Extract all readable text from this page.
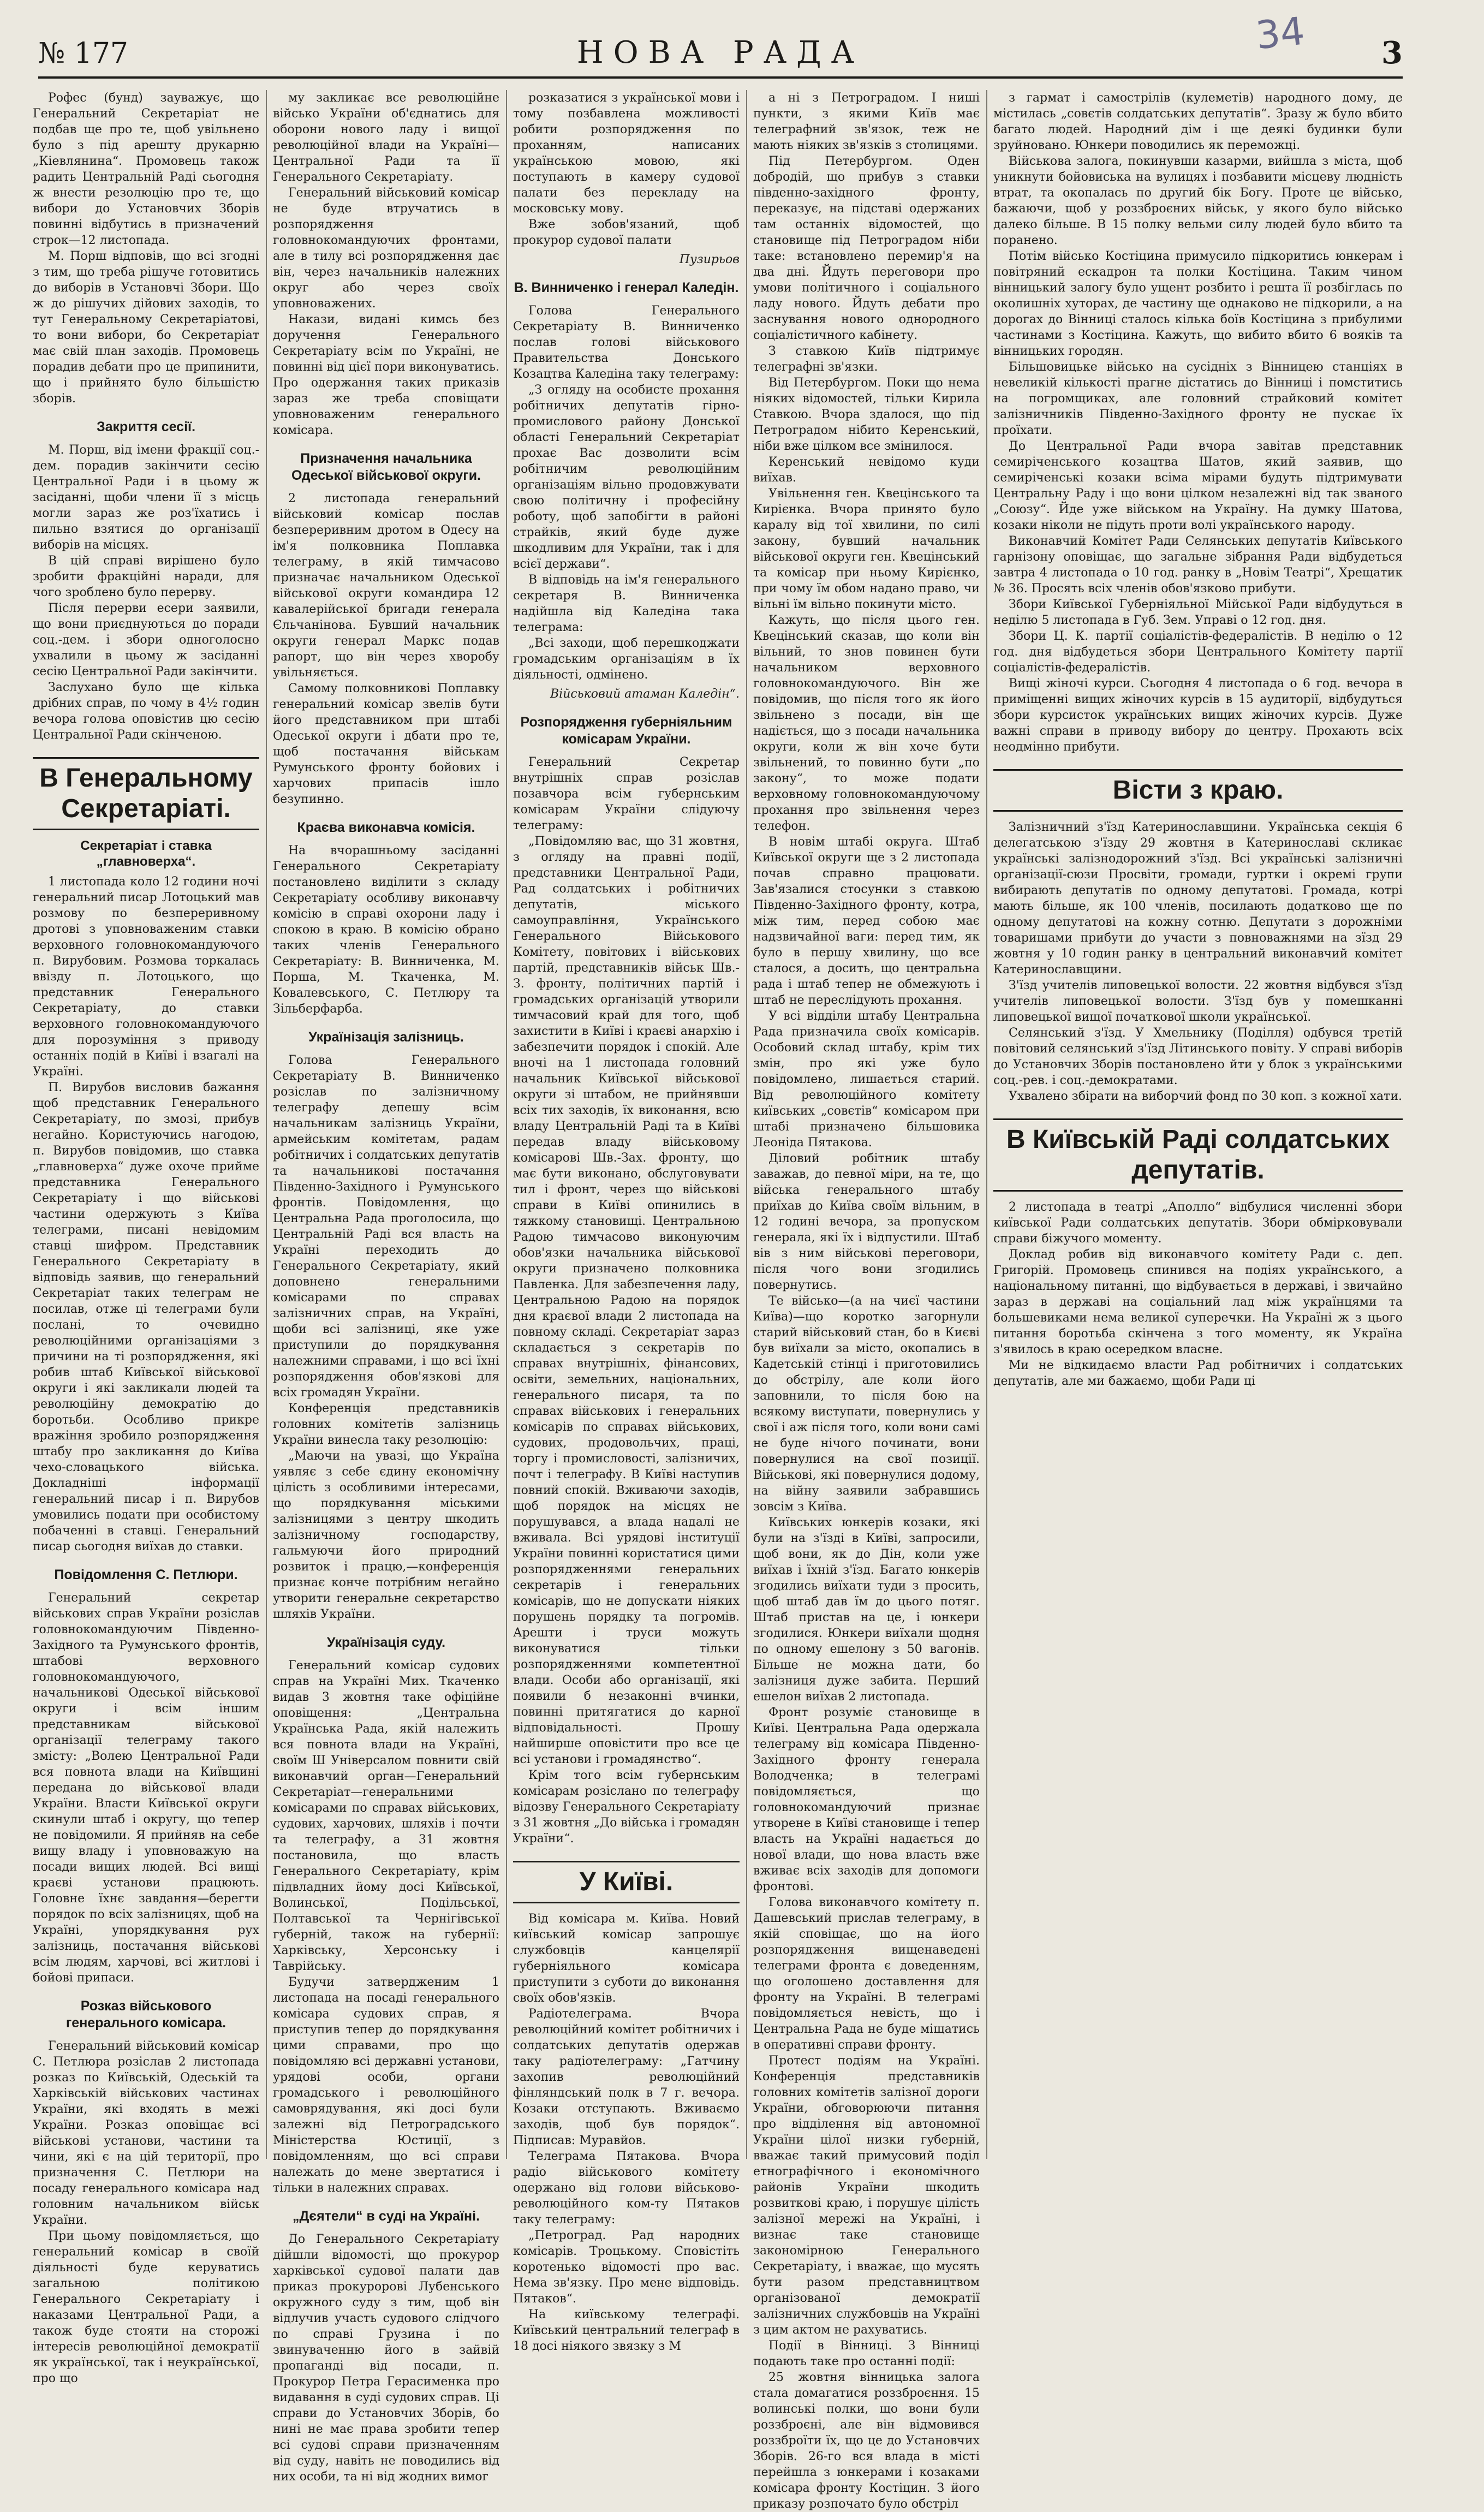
№ 177	НОВА РАДА	3
34

Рофес (бунд) зауважує, що Генеральний Секретаріат не подбав ще про те, щоб увільнено було з під арешту друкарню „Кіевлянина“. Промовець також радить Центральній Раді сьогодня ж внести резолюцію про те, що вибори до Установчих Зборів повинні відбутись в призначений строк—12 листопада.

М. Порш відповів, що всі згодні з тим, що треба рішуче готовитись до виборів в Установчі Збори. Що ж до рішучих дійових заходів, то тут Генеральному Секретаріатові, то вони вибори, бо Секретаріат має свій план заходів. Промовець порадив дебати про це припинити, що і прийнято було більшістю зборів.

Закриття сесії.

М. Порш, від імени фракції соц.-дем. порадив закінчити сесію Центральної Ради і в цьому ж засіданні, щоби члени її з місць могли зараз же роз'їхатись і пильно взятися до організації виборів на місцях.

В цій справі вирішено було зробити фракційні наради, для чого зроблено було перерву.

Після перерви есери заявили, що вони приєднуються до поради соц.-дем. і збори одноголосно ухвалили в цьому ж засіданні сесію Центральної Ради закінчити.

Заслухано було ще кілька дрібних справ, по чому в 4½ годин вечора голова оповістив цю сесію Центральної Ради скінченою.

В Генеральному Секретаріаті.
Секретаріат і ставка „главноверха“.

1 листопада коло 12 години ночі генеральний писар Лотоцький мав розмову по безпереривному дротові з уповноваженим ставки верховного головнокомандуючого п. Вирубовим. Розмова торкалась ввізду п. Лотоцького, що представник Генерального Секретаріату, до ставки верховного головнокомандуючого для порозуміння з приводу останніх подій в Київі і взагалі на Україні.

П. Вирубов висловив бажання щоб представник Генерального Секретаріату, по змозі, прибув негайно. Користуючись нагодою, п. Вирубов повідомив, що ставка „главноверха“ дуже охоче прийме представника Генерального Секретаріату і що військові частини одержують з Київа телеграми, писані невідомим ставці шифром. Представник Генерального Секретаріату в відповідь заявив, що генеральний Секретаріат таких телеграм не посилав, отже ці телеграми були послані, то очевидно революційними організаціями з причини на ті розпорядження, які робив штаб Київської військової округи і які закликали людей та революційну демократію до боротьби. Особливо прикре вражіння зробило розпорядження штабу про закликання до Київа чехо-словацького війська. Докладніші інформації генеральний писар і п. Вирубов умовились подати при особистому побаченні в ставці. Генеральний писар сьогодня виїхав до ставки.

Повідомлення С. Петлюри.

Генеральний секретар військових справ України розіслав головнокомандуючим Південно-Західного та Румунського фронтів, штабові верховного головнокомандуючого, начальникові Одеської військової округи і всім іншим представникам військової організації телеграму такого змісту: „Волею Центральної Ради вся повнота влади на Київщині передана до військової влади України. Власти Київської округи скинули штаб і округу, що тепер не повідомили. Я прийняв на себе вищу владу і уповноважую на посади вищих людей. Всі вищі краєві установи працюють. Головне їхнє завдання—берегти порядок по всіх залізницях, щоб на Україні, упорядкування рух залізниць, постачання військові всім людям, харчові, всі житлові і бойові припаси.

Розказ військового генерального комісара.

Генеральний військовий комісар С. Петлюра розіслав 2 листопада розказ по Київській, Одеській та Харківській військових частинах України, які входять в межі України. Розказ оповіщає всі військові установи, частини та чини, які є на цій території, про призначення С. Петлюри на посаду генерального комісара над головним начальником військ України.

При цьому повідомляється, що генеральний комісар в своїй діяльності буде керуватись загальною політикою Генерального Секретаріату і наказами Центральної Ради, а також буде стояти на сторожі інтересів революційної демократії як української, так і неукраїнської, про що

му закликає все революційне військо України об'єднатись для оборони нового ладу і вищої революційної влади на Україні—Центральної Ради та її Генерального Секретаріату.

Генеральний військовий комісар не буде втручатись в розпорядження головнокомандуючих фронтами, але в тилу всі розпорядження дає він, через начальників належних округ або через своїх уповноважених.

Накази, видані кимсь без доручення Генерального Секретаріату всім по Україні, не повинні від цієї пори виконуватись. Про одержання таких приказів зараз же треба сповіщати уповноваженим генерального комісара.

Призначення начальника Одеської військової округи.

2 листопада генеральний військовий комісар послав безпереривним дротом в Одесу на ім'я полковника Поплавка телеграму, в якій тимчасово призначає начальником Одеської військової округи командира 12 кавалерійської бригади генерала Єльчанінова. Бувший начальник округи генерал Маркс подав рапорт, що він через хворобу увільняється.

Самому полковникові Поплавку генеральний комісар звелів бути його представником при штабі Одеської округи і дбати про те, щоб постачання військам Румунського фронту бойових і харчових припасів ішло безупинно.

Краєва виконавча комісія.

На вчорашньому засіданні Генерального Секретаріату постановлено виділити з складу Секретаріату особливу виконавчу комісію в справі охорони ладу і спокою в краю. В комісію обрано таких членів Генерального Секретаріату: В. Винниченка, М. Порша, М. Ткаченка, М. Ковалевського, С. Петлюру та Зільберфарба.

Українізація залізниць.

Голова Генерального Секретаріату В. Винниченко розіслав по залізничному телеграфу депешу всім начальникам залізниць України, армейським комітетам, радам робітничих і солдатських депутатів та начальникові постачання Південно-Західного і Румунського фронтів. Повідомлення, що Центральна Рада проголосила, що Центральній Раді вся власть на Україні переходить до Генерального Секретаріату, який доповнено генеральними комісарами по справах залізничних справ, на Україні, щоби всі залізниці, яке уже приступили до порядкування належними справами, і що всі їхні розпорядження обов'язкові для всіх громадян України.

Конференція представників головних комітетів залізниць України винесла таку резолюцію:

„Маючи на увазі, що Україна уявляє з себе єдину економічну цілість з особливими інтересами, що порядкування міськими залізницями з центру шкодить залізничному господарству, гальмуючи його природний розвиток і працю,—конференція признає конче потрібним негайно утворити генеральне секретарство шляхів України.

Українізація суду.

Генеральний комісар судових справ на Україні Мих. Ткаченко видав 3 жовтня таке офіційне оповіщення: „Центральна Українська Рада, якій належить вся повнота влади на Україні, своїм Ш Універсалом повнити свій виконавчий орган—Генеральний Секретаріат—генеральними комісарами по справах військових, судових, харчових, шляхів і почти та телеграфу, а 31 жовтня постановила, що власть Генерального Секретаріату, крім підвладних йому досі Київської, Волинської, Подільської, Полтавської та Чернігівської губерній, також на губернії: Харківську, Херсонську і Таврійську.

Будучи затвердженим 1 листопада на посаді генерального комісара судових справ, я приступив тепер до порядкування цими справами, про що повідомляю всі державні установи, урядові особи, органи громадського і революційного самоврядування, які досі були залежні від Петроградського Міністерства Юстиції, з повідомленням, що всі справи належать до мене звертатися і тільки в належних справах.

„Дєятели“ в суді на Україні.

До Генерального Секретаріату дійшли відомості, що прокурор харківської судової палати дав приказ прокуророві Лубенського окружного суду з тим, щоб він відлучив участь судового слідчого по справі Грузина і по звинуваченню його в зайвій пропаганді від посади, п. Прокурор Петра Герасименка про видавання в суді судових справ. Ці справи до Установчих Зборів, бо нині не має права зробити тепер всі судові справи призначенням від суду, навіть не поводились від них особи, та ні від жодних вимог

розказатися з української мови і тому позбавлена можливості робити розпорядження по проханням, написаних українською мовою, які поступають в камеру судової палати без перекладу на московську мову.

Вже зобов'язаний, щоб прокурор судової палати

Пузирьов
В. Винниченко і генерал Каледін.

Голова Генерального Секретаріату В. Винниченко послав голові військового Правительства Донського Козацтва Каледіна таку телеграму:

„З огляду на особисте прохання робітничих депутатів гірно-промислового району Донської області Генеральний Секретаріат прохає Вас дозволити всім робітничим революційним організаціям вільно продовжувати свою політичну і професійну роботу, щоб запобігти в районі страйків, який буде дуже шкодливим для України, так і для всієї держави“.

В відповідь на ім'я генерального секретаря В. Винниченка надійшла від Каледіна така телеграма:

„Всі заходи, щоб перешкоджати громадським організаціям в їх діяльності, одмінено.

Військовий атаман Каледін“.
Розпорядження губерніяльним комісарам України.

Генеральний Секретар внутрішніх справ розіслав позавчора всім губернським комісарам України слідуючу телеграму:

„Повідомляю вас, що 31 жовтня, з огляду на правні події, представники Центральної Ради, Рад солдатських і робітничих депутатів, міського самоуправління, Українського Генерального Військового Комітету, повітових і військових партій, представників військ Шв.-З. фронту, політичних партій і громадських організацій утворили тимчасовий край для того, щоб захистити в Київі і краєві анархію і забезпечити порядок і спокій. Але вночі на 1 листопада головний начальник Київської військової округи зі штабом, не прийнявши всіх тих заходів, їх виконання, всю владу Центральній Раді та в Київі передав владу військовому комісарові Шв.-Зах. фронту, що має бути виконано, обслуговувати тил і фронт, через що військові справи в Київі опинились в тяжкому становищі. Центральною Радою тимчасово виконуючим обов'язки начальника військової округи призначено полковника Павленка. Для забезпечення ладу, Центральною Радою на порядок дня краєвої влади 2 листопада на повному складі. Секретаріат зараз складається з секретарів по справах внутрішніх, фінансових, освіти, земельних, національних, генерального писаря, та по справах військових і генеральних комісарів по справах військових, судових, продовольчих, праці, торгу і промисловості, залізничих, почт і телеграфу. В Київі наступив повний спокій. Вживаючи заходів, щоб порядок на місцях не порушувався, а влада надалі не вживала. Всі урядові інституції України повинні користатися цими розпорядженнями генеральних секретарів і генеральних комісарів, що не допускати ніяких порушень порядку та погромів. Арешти і труси можуть виконуватися тільки розпорядженнями компетентної влади. Особи або організації, які появили б незаконні вчинки, повинні притягатися до карної відповідальності. Прошу найширше оповістити про все це всі установи і громадянство“.

Крім того всім губернським комісарам розіслано по телеграфу відозву Генерального Секретаріату з 31 жовтня „До війська і громадян України“.

У Київі.

Від комісара м. Київа. Новий київський комісар запрошує службовців канцелярії губерніяльного комісара приступити з суботи до виконання своїх обов'язків.

Радіотелеграма. Вчора революційний комітет робітничих і солдатських депутатів одержав таку радіотелеграму: „Гатчину захопив революційний фінляндський полк в 7 г. вечора. Козаки отступають. Вживаємо заходів, щоб був порядок“. Підписав: Муравйов.

Телеграма Пятакова. Вчора радіо військового комітету одержано від голови військово-революційного ком-ту Пятаков таку телеграму:

„Петроград. Рад народних комісарів. Троцькому. Сповістіть коротенько відомості про вас. Нема зв'язку. Про мене відповідь. Пятаков“.

На київському телеграфі. Київський центральний телеграф в 18 досі ніякого звязку з М

а ні з Петроградом. І ниші пункти, з якими Київ має телеграфний зв'язок, теж не мають ніяких зв'язків з столицями.

Під Петербургом. Оден добродій, що прибув з ставки південно-західного фронту, переказує, на підставі одержаних там останніх відомостей, що становище під Петроградом ніби таке: встановлено перемир'я на два дні. Йдуть переговори про умови політичного і соціального ладу нового. Йдуть дебати про заснування нового однородного соціалістичного кабінету.

З ставкою Київ підтримує телеграфні зв'язки.

Від Петербургом. Поки що нема ніяких відомостей, тільки Кирила Ставкою. Вчора здалося, що під Петроградом нібито Керенський, ніби вже цілком все змінилося.

Керенський невідомо куди виїхав.

Увільнення ген. Квецінського та Кирієнка. Вчора принято було каралу від тої хвилини, по силі закону, бувший начальник військової округи ген. Квецінський та комісар при ньому Кирієнко, при чому їм обом надано право, чи вільні їм вільно покинути місто.

Кажуть, що після цього ген. Квецінський сказав, що коли він вільний, то знов повинен бути начальником верховного головнокомандуючого. Він же повідомив, що після того як його звільнено з посади, він ще надіється, що з посади начальника округи, коли ж він хоче бути звільнений, то повинно бути „по закону“, то може подати верховному головнокомандуючому прохання про звільнення через телефон.

В новім штабі округа. Штаб Київської округи ще з 2 листопада почав справно працювати. Зав'язалися стосунки з ставкою Південно-Західного фронту, котра, між тим, перед собою має надзвичайної ваги: перед тим, як було в першу хвилину, що все сталося, а досить, що центральна рада і штаб тепер не обмежують і штаб не переслідують прохання.

У всі відділи штабу Центральна Рада призначила своїх комісарів. Особовий склад штабу, крім тих змін, про які уже було повідомлено, лишається старий. Від революційного комітету київських „совєтів“ комісаром при штабі призначено більшовика Леоніда Пятакова.

Діловий робітник штабу заважав, до певної міри, на те, що війська генерального штабу приїхав до Київа своїм вільним, в 12 годині вечора, за пропуском генерала, які їх і відпустили. Штаб вів з ним військові переговори, після чого вони згодились повернутись.

Те військо—(а на чиєї частини Київа)—що коротко загорнули старий військовий стан, бо в Києві був виїхали за місто, окопались в Кадетській стінці і приготовились до обстрілу, але коли його заповнили, то після бою на всякому виступати, повернулись у свої і аж після того, коли вони самі не буде нічого починати, вони повернулися на свої позиції. Військові, які повернулися додому, на війну заявили забравшись зовсім з Київа.

Київських юнкерів козаки, які були на з'їзді в Київі, запросили, щоб вони, як до Дін, коли уже виїхав і їхній з'їзд. Багато юнкерів згодились виїхати туди з просить, щоб штаб дав їм до цього потяг. Штаб пристав на це, і юнкери згодилися. Юнкери виїхали щодня по одному ешелону з 50 вагонів. Більше не можна дати, бо залізниця дуже забита. Перший ешелон виїхав 2 листопада.

Фронт розуміє становище в Київі. Центральна Рада одержала телеграму від комісара Південно-Західного фронту генерала Володченка; в телеграмі повідомляється, що головнокомандуючий признає утворене в Київі становище і тепер власть на Україні надається до нової влади, що нова власть вже вживає всіх заходів для допомоги фронтові.

Голова виконавчого комітету п. Дашевський прислав телеграму, в якій сповіщає, що на його розпорядження вищенаведені телеграми фронта є доведенням, що оголошено доставлення для фронту на Україні. В телеграмі повідомляється невість, що і Центральна Рада не буде міщатись в оперативні справи фронту.

Протест подіям на Україні. Конференція представників головних комітетів залізної дороги України, обговорюючи питання про відділення від автономної України цілої низки губерній, вважає такий примусовий поділ етнографічного і економічного районів України шкодить розвиткові краю, і порушує цілість залізної мережі на Україні, і визнає таке становище закономірною Генерального Секретаріату, і вважає, що мусять бути разом представництвом організованої демократії залізничних службовців на Україні з цим актом не рахуватись.

Події в Вінниці. З Вінниці подають таке про останні події:

25 жовтня вінницька залога стала домагатися роззброєння. 15 волинські полки, що вони були роззброєні, але він відмовився роззброїти їх, що це до Установчих Зборів. 26-го вся влада в місті перейшла з юнкерами і козаками комісара фронту Костіцин. З його приказу розпочато було обстріл

з гармат і самострілів (кулеметів) народного дому, де містилась „совєтів солдатських депутатів“. Зразу ж було вбито багато людей. Народний дім і ще деякі будинки були зруйновано. Юнкери поводились як переможці.

Військова залога, покинувши казарми, вийшла з міста, щоб уникнути бойовиська на вулицях і позбавити місцеву людність втрат, та окопалась по другий бік Богу. Проте це військо, бажаючи, щоб у роззброєних військ, у якого було військо далеко більше. В 15 полку вельми силу людей було вбито та поранено.

Потім військо Костіцина примусило підкоритись юнкерам і повітряний ескадрон та полки Костіцина. Таким чином вінницький залогу було ущент розбито і решта її розбіглась по околишніх хуторах, де частину ще однаково не підкорили, а на дорогах до Вінниці сталось кілька боїв Костіцина з прибулими частинами з Костіцина. Кажуть, що вибито вбито 6 вояків та вінницьких городян.

Більшовицьке військо на сусідніх з Вінницею станціях в невеликій кількості прагне дістатись до Вінниці і помститись на погромщиках, але головний страйковий комітет залізничників Південно-Західного фронту не пускає їх проїхати.

До Центральної Ради вчора завітав представник семиріченського козацтва Шатов, який заявив, що семиріченські козаки всіма мірами будуть підтримувати Центральну Раду і що вони цілком незалежні від так званого „Союзу“. Йде уже військом на Україну. На думку Шатова, козаки ніколи не підуть проти волі українського народу.

Виконавчий Комітет Ради Селянських депутатів Київського гарнізону оповіщає, що загальне зібрання Ради відбудеться завтра 4 листопада о 10 год. ранку в „Новім Театрі“, Хрещатик № 36. Просять всіх членів обов'язково прибути.

Збори Київської Губерніяльної Мійської Ради відбудуться в неділю 5 листопада в Губ. Зем. Управі о 12 год. дня.

Збори Ц. К. партії соціалістів-федералістів. В неділю о 12 год. дня відбудеться збори Центрального Комітету партії соціалістів-федералістів.

Вищі жіночі курси. Сьогодня 4 листопада о 6 год. вечора в приміщенні вищих жіночих курсів в 15 аудиторії, відбудуться збори курсисток українських вищих жіночих курсів. Дуже важні справи в приводу вибору до центру. Прохають всіх неодмінно прибути.

Вісти з краю.

Залізничний з'їзд Катеринославщини. Українська секція 6 делегатською з'їзду 29 жовтня в Катеринославі скликає українські залізнодорожний з'їзд. Всі українські залізничні організації-сюзи Просвіти, громади, гуртки і окремі групи вибирають депутатів по одному депутатові. Громада, котрі мають більше, як 100 членів, посилають додатково ще по одному депутатові на кожну сотню. Депутати з дорожніми товаришами прибути до участи з повноважнями на зїзд 29 жовтня у 10 годин ранку в центральний виконавчий комітет Катеринославщини.

З'їзд учителів липовецької волости. 22 жовтня відбувся з'їзд учителів липовецької волости. З'їзд був у помешканні липовецької вищої початкової школи української.

Селянський з'їзд. У Хмельнику (Поділля) одбувся третій повітовий селянський з'їзд Літинського повіту. У справі виборів до Установчих Зборів постановлено йти у блок з українськими соц.-рев. і соц.-демократами.

Ухвалено збірати на виборчий фонд по 30 коп. з кожної хати.

В Київській Раді солдатських депутатів.

2 листопада в театрі „Аполло“ відбулися численні збори київської Ради солдатських депутатів. Збори обмірковували справи біжучого моменту.

Доклад робив від виконавчого комітету Ради с. деп. Григорій. Промовець спинився на подіях українського, а національному питанні, що відбувається в державі, і звичайно зараз в державі на соціальний лад між українцями та большевиками нема великої суперечки. На Україні ж з цього питання боротьба скінчена з того моменту, як Україна з'явилось в краю осередком власне.

Ми не відкидаємо власти Рад робітничих і солдатських депутатів, але ми бажаємо, щоби Ради ці
